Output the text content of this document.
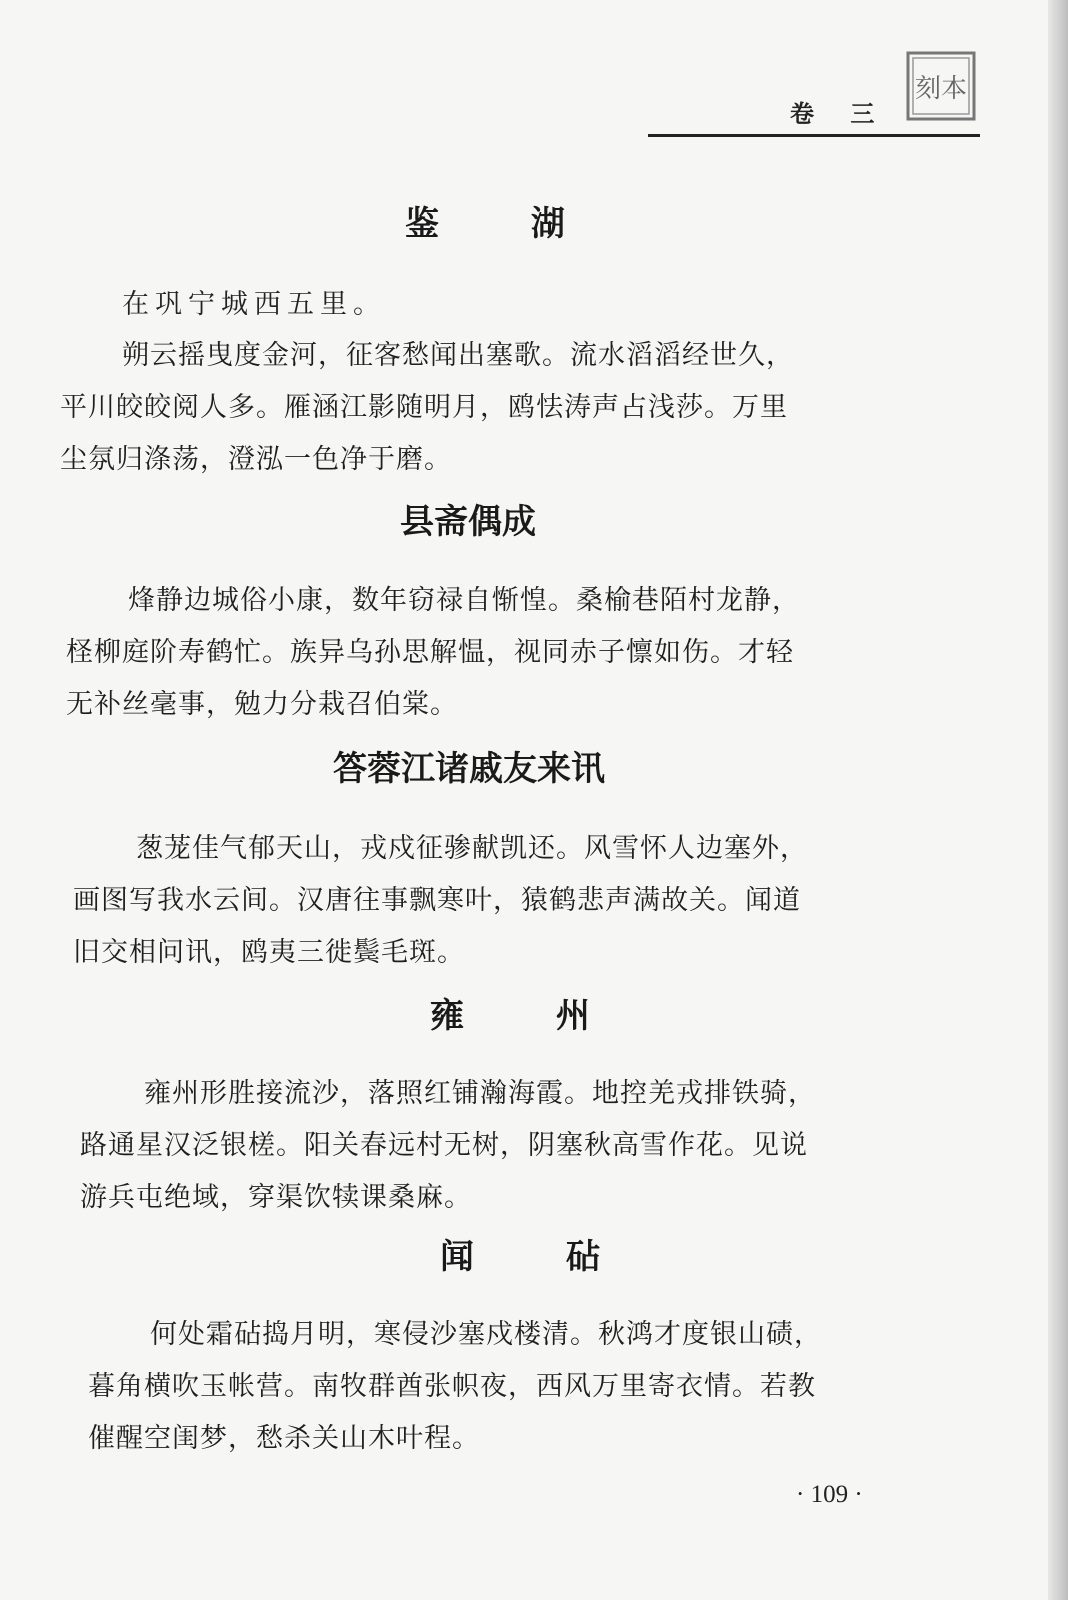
卷 三
刻本
鉴 湖
在巩宁城西五里。
朔云摇曳度金河，征客愁闻出塞歌。流水滔滔经世久，
平川皎皎阅人多。雁涵江影随明月，鸥怯涛声占浅莎。万里
尘氛归涤荡，澄泓一色净于磨。
县斋偶成
烽静边城俗小康，数年窃禄自惭惶。桑榆巷陌村龙静，
柽柳庭阶寿鹤忙。族异乌孙思解愠，视同赤子懔如伤。才轻
无补丝毫事，勉力分栽召伯棠。
答蓉江诸戚友来讯
葱茏佳气郁天山，戎戍征骖献凯还。风雪怀人边塞外，
画图写我水云间。汉唐往事飘寒叶，猿鹤悲声满故关。闻道
旧交相问讯，鸥夷三徙鬓毛斑。
雍 州
雍州形胜接流沙，落照红铺瀚海霞。地控羌戎排铁骑，
路通星汉泛银槎。阳关春远村无树，阴塞秋高雪作花。见说
游兵屯绝域，穿渠饮犊课桑麻。
闻 砧
何处霜砧捣月明，寒侵沙塞戍楼清。秋鸿才度银山碛，
暮角横吹玉帐营。南牧群酋张帜夜，西风万里寄衣情。若教
催醒空闺梦，愁杀关山木叶程。
· 109 ·
